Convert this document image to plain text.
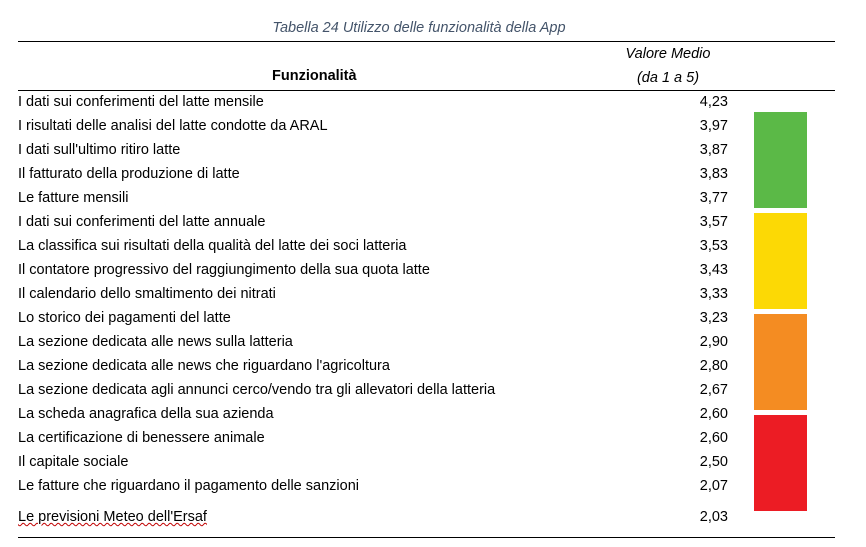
Tabella 24 Utilizzo delle funzionalità della App
Valore Medio
(da 1 a 5)
Funzionalità
I dati sui conferimenti del latte mensile	4,23
I risultati delle analisi del latte condotte da ARAL	3,97
I dati sull'ultimo ritiro latte	3,87
Il fatturato della produzione di latte	3,83
Le fatture mensili	3,77
I dati sui conferimenti del latte annuale	3,57
La classifica sui risultati della qualità del latte dei soci latteria	3,53
Il contatore progressivo del raggiungimento della sua quota latte	3,43
Il calendario dello smaltimento dei nitrati	3,33
Lo storico dei pagamenti del latte	3,23
La sezione dedicata alle news sulla latteria	2,90
La sezione dedicata alle news che riguardano l'agricoltura	2,80
La sezione dedicata agli annunci cerco/vendo tra gli allevatori della latteria	2,67
La scheda anagrafica della sua azienda	2,60
La certificazione di benessere animale	2,60
Il capitale sociale	2,50
Le fatture che riguardano il pagamento delle sanzioni	2,07
Le previsioni Meteo dell'Ersaf	2,03
